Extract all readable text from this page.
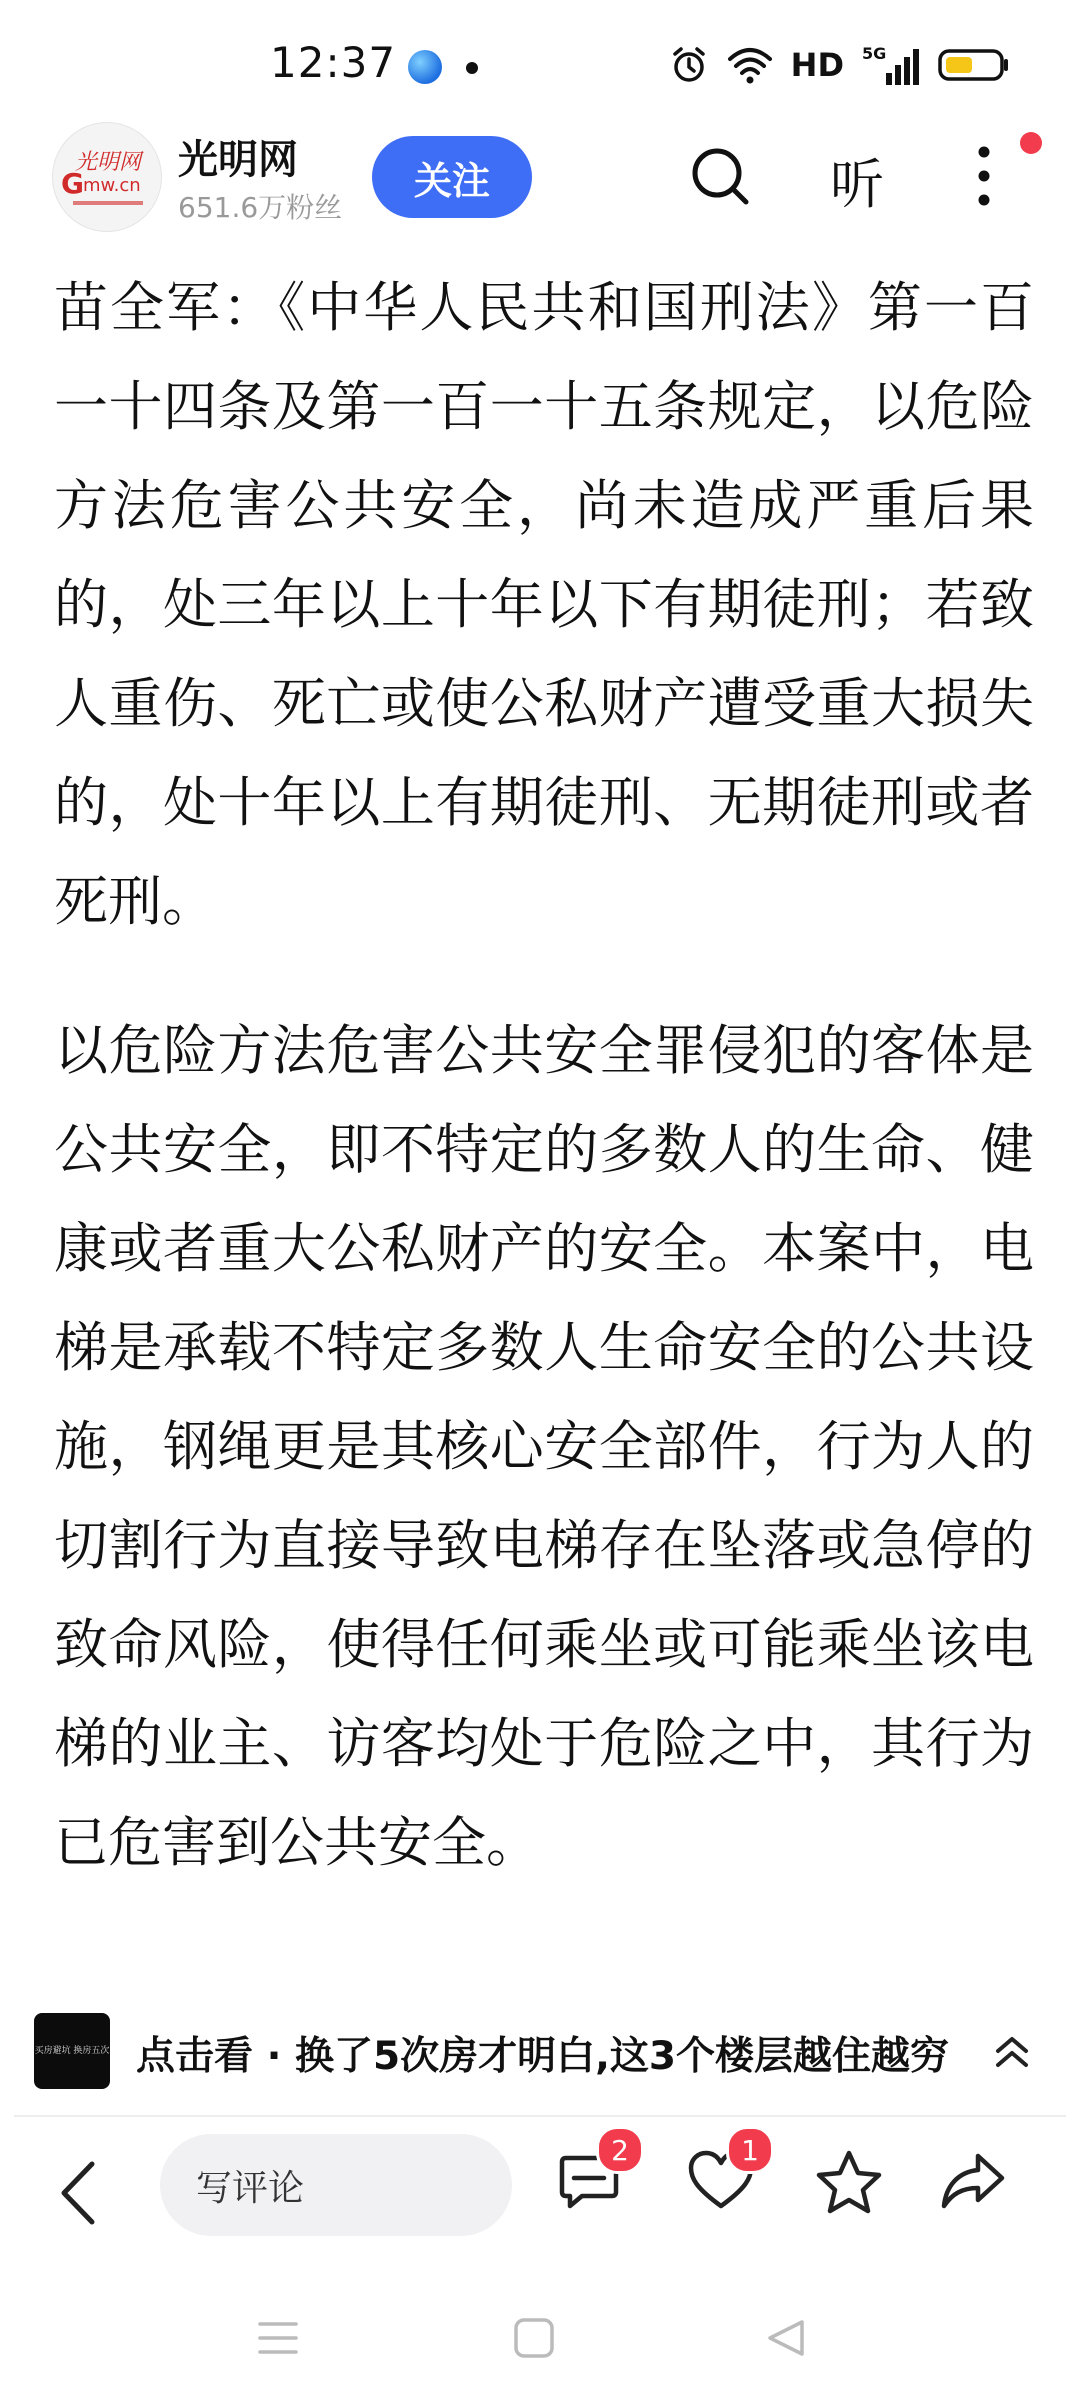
12:37	HD 5G
光明网
G mw.cn
光明网
651.6万粉丝
关注	听

苗全军：《中华人民共和国刑法》第一百一十四条及第一百一十五条规定，以危险方法危害公共安全，尚未造成严重后果的，处三年以上十年以下有期徒刑；若致人重伤、死亡或使公私财产遭受重大损失的，处十年以上有期徒刑、无期徒刑或者死刑。

以危险方法危害公共安全罪侵犯的客体是公共安全，即不特定的多数人的生命、健康或者重大公私财产的安全。本案中，电梯是承载不特定多数人生命安全的公共设施，钢绳更是其核心安全部件，行为人的切割行为直接导致电梯存在坠落或急停的致命风险，使得任何乘坐或可能乘坐该电梯的业主、访客均处于危险之中，其行为已危害到公共安全。

买房避坑 换房五次 点击看 · 换了5次房才明白,这3个楼层越住越穷
写评论
2	1
